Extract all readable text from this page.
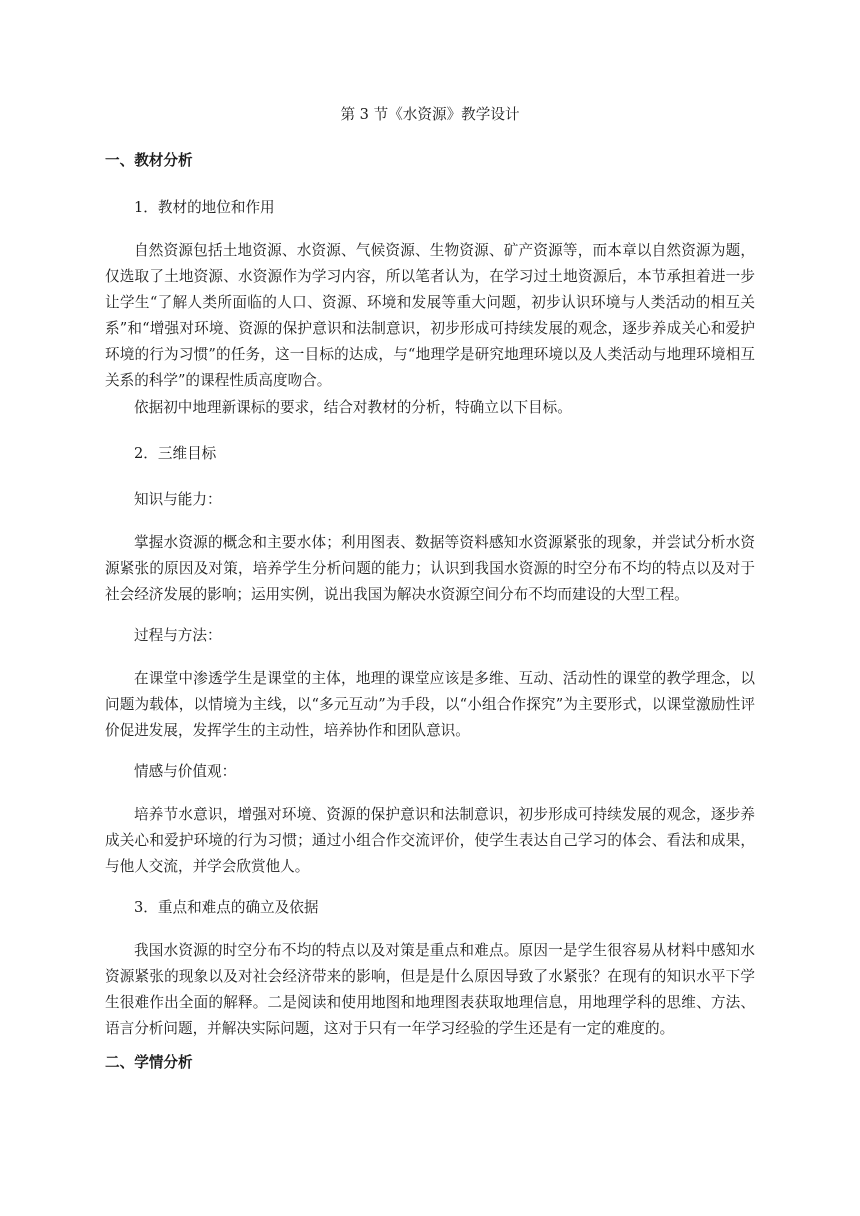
第 3 节《水资源》教学设计

一、教材分析

1．教材的地位和作用

自然资源包括土地资源、水资源、气候资源、生物资源、矿产资源等，而本章以自然资源为题，仅选取了土地资源、水资源作为学习内容，所以笔者认为，在学习过土地资源后，本节承担着进一步让学生“了解人类所面临的人口、资源、环境和发展等重大问题，初步认识环境与人类活动的相互关系”和“增强对环境、资源的保护意识和法制意识，初步形成可持续发展的观念，逐步养成关心和爱护环境的行为习惯”的任务，这一目标的达成，与“地理学是研究地理环境以及人类活动与地理环境相互关系的科学”的课程性质高度吻合。

依据初中地理新课标的要求，结合对教材的分析，特确立以下目标。

2．三维目标

知识与能力：

掌握水资源的概念和主要水体；利用图表、数据等资料感知水资源紧张的现象，并尝试分析水资源紧张的原因及对策，培养学生分析问题的能力；认识到我国水资源的时空分布不均的特点以及对于社会经济发展的影响；运用实例，说出我国为解决水资源空间分布不均而建设的大型工程。

过程与方法：

在课堂中渗透学生是课堂的主体，地理的课堂应该是多维、互动、活动性的课堂的教学理念，以问题为载体，以情境为主线，以“多元互动”为手段，以“小组合作探究”为主要形式，以课堂激励性评价促进发展，发挥学生的主动性，培养协作和团队意识。

情感与价值观：

培养节水意识，增强对环境、资源的保护意识和法制意识，初步形成可持续发展的观念，逐步养成关心和爱护环境的行为习惯；通过小组合作交流评价，使学生表达自己学习的体会、看法和成果，与他人交流，并学会欣赏他人。

3．重点和难点的确立及依据

我国水资源的时空分布不均的特点以及对策是重点和难点。原因一是学生很容易从材料中感知水资源紧张的现象以及对社会经济带来的影响，但是是什么原因导致了水紧张？在现有的知识水平下学生很难作出全面的解释。二是阅读和使用地图和地理图表获取地理信息，用地理学科的思维、方法、语言分析问题，并解决实际问题，这对于只有一年学习经验的学生还是有一定的难度的。

二、学情分析
